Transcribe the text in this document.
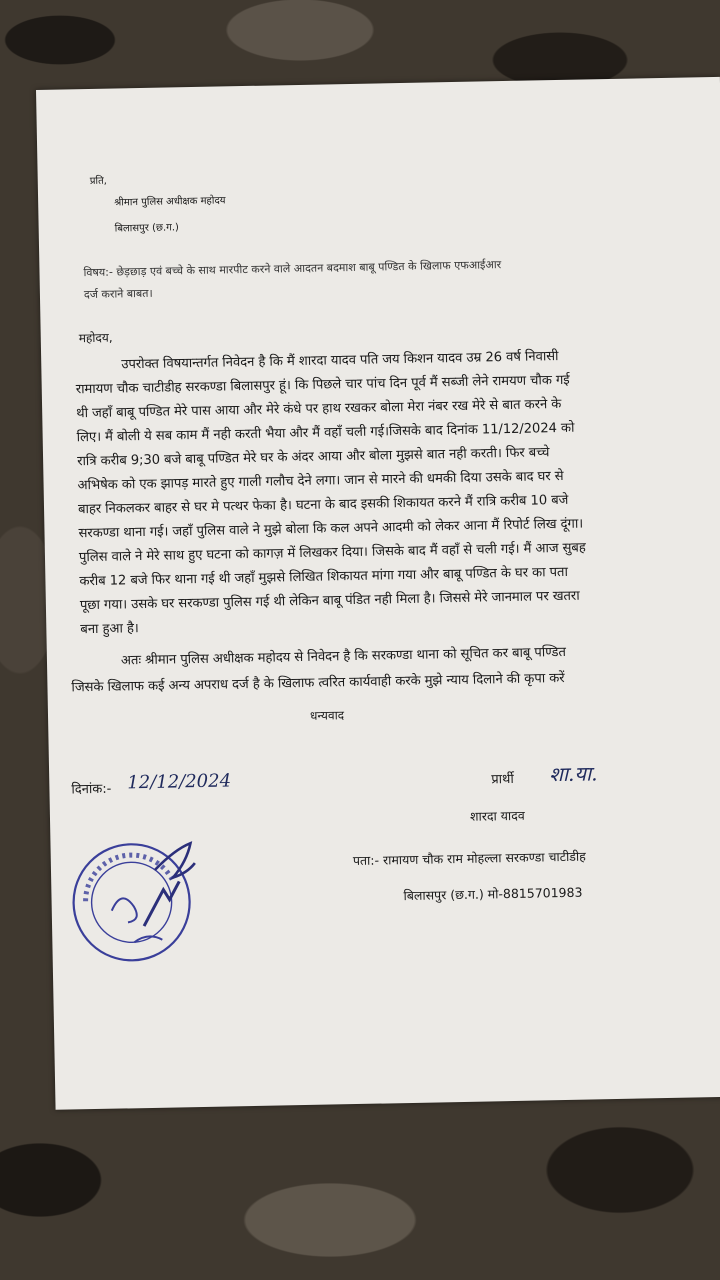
प्रति,
श्रीमान पुलिस अधीक्षक महोदय
बिलासपुर (छ.ग.)
विषय:- छेड़छाड़ एवं बच्चे के साथ मारपीट करने वाले आदतन बदमाश बाबू पण्डित के खिलाफ एफआईआर
दर्ज कराने बाबत।
महोदय,
उपरोक्त विषयान्तर्गत निवेदन है कि मैं शारदा यादव पति जय किशन यादव उम्र 26 वर्ष निवासी
रामायण चौक चाटीडीह सरकण्डा बिलासपुर हूं। कि पिछले चार पांच दिन पूर्व मैं सब्जी लेने रामयण चौक गई
थी जहाँ बाबू पण्डित मेरे पास आया और मेरे कंधे पर हाथ रखकर बोला मेरा नंबर रख मेरे से बात करने के
लिए। मैं बोली ये सब काम मैं नही करती भैया और मैं वहाँ चली गई।जिसके बाद दिनांक 11/12/2024 को
रात्रि करीब 9;30 बजे बाबू पण्डित मेरे घर के अंदर आया और बोला मुझसे बात नही करती। फिर बच्चे
अभिषेक को एक झापड़ मारते हुए गाली गलौच देने लगा। जान से मारने की धमकी दिया उसके बाद घर से
बाहर निकलकर बाहर से घर मे पत्थर फेका है। घटना के बाद इसकी शिकायत करने मैं रात्रि करीब 10 बजे
सरकण्डा थाना गई। जहाँ पुलिस वाले ने मुझे बोला कि कल अपने आदमी को लेकर आना मैं रिपोर्ट लिख दूंगा।
पुलिस वाले ने मेरे साथ हुए घटना को कागज़ में लिखकर दिया। जिसके बाद मैं वहाँ से चली गई। मैं आज सुबह
करीब 12 बजे फिर थाना गई थी जहाँ मुझसे लिखित शिकायत मांगा गया और बाबू पण्डित के घर का पता
पूछा गया। उसके घर सरकण्डा पुलिस गई थी लेकिन बाबू पंडित नही मिला है। जिससे मेरे जानमाल पर खतरा
बना हुआ है।
अतः श्रीमान पुलिस अधीक्षक महोदय से निवेदन है कि सरकण्डा थाना को सूचित कर बाबू पण्डित
जिसके खिलाफ कई अन्य अपराध दर्ज है के खिलाफ त्वरित कार्यवाही करके मुझे न्याय दिलाने की कृपा करें
धन्यवाद
दिनांक:- 12/12/2024	प्रार्थी शा.या.
शारदा यादव
पता:- रामायण चौक राम मोहल्ला सरकण्डा चाटीडीह
बिलासपुर (छ.ग.) मो-8815701983
